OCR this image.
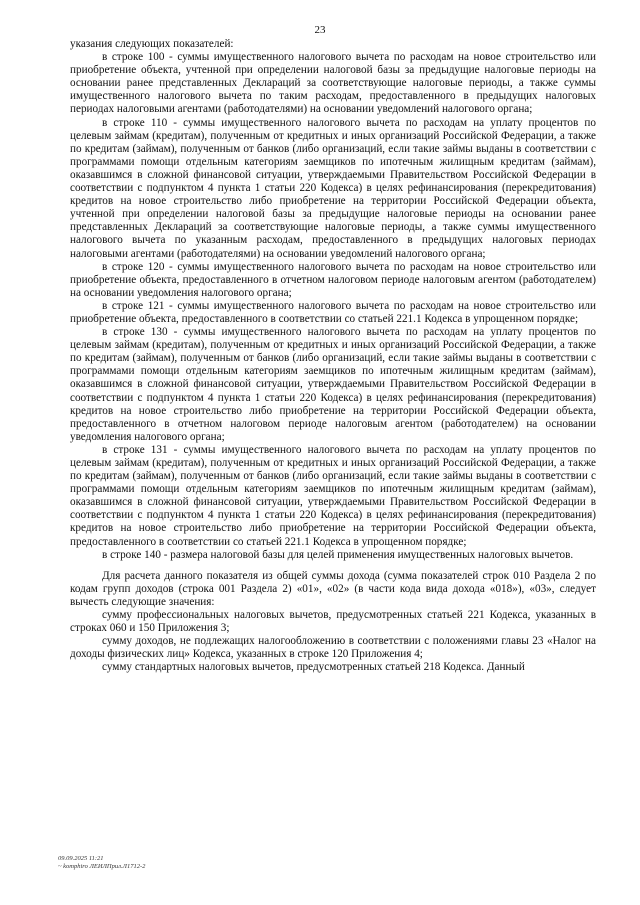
23

указания следующих показателей:

в строке 100 - суммы имущественного налогового вычета по расходам на новое строительство или приобретение объекта, учтенной при определении налоговой базы за предыдущие налоговые периоды на основании ранее представленных Деклараций за соответствующие налоговые периоды, а также суммы имущественного налогового вычета по таким расходам, предоставленного в предыдущих налоговых периодах налоговыми агентами (работодателями) на основании уведомлений налогового органа;

в строке 110 - суммы имущественного налогового вычета по расходам на уплату процентов по целевым займам (кредитам), полученным от кредитных и иных организаций Российской Федерации, а также по кредитам (займам), полученным от банков (либо организаций, если такие займы выданы в соответствии с программами помощи отдельным категориям заемщиков по ипотечным жилищным кредитам (займам), оказавшимся в сложной финансовой ситуации, утверждаемыми Правительством Российской Федерации в соответствии с подпунктом 4 пункта 1 статьи 220 Кодекса) в целях рефинансирования (перекредитования) кредитов на новое строительство либо приобретение на территории Российской Федерации объекта, учтенной при определении налоговой базы за предыдущие налоговые периоды на основании ранее представленных Деклараций за соответствующие налоговые периоды, а также суммы имущественного налогового вычета по указанным расходам, предоставленного в предыдущих налоговых периодах налоговыми агентами (работодателями) на основании уведомлений налогового органа;

в строке 120 - суммы имущественного налогового вычета по расходам на новое строительство или приобретение объекта, предоставленного в отчетном налоговом периоде налоговым агентом (работодателем) на основании уведомления налогового органа;

в строке 121 - суммы имущественного налогового вычета по расходам на новое строительство или приобретение объекта, предоставленного в соответствии со статьей 221.1 Кодекса в упрощенном порядке;

в строке 130 - суммы имущественного налогового вычета по расходам на уплату процентов по целевым займам (кредитам), полученным от кредитных и иных организаций Российской Федерации, а также по кредитам (займам), полученным от банков (либо организаций, если такие займы выданы в соответствии с программами помощи отдельным категориям заемщиков по ипотечным жилищным кредитам (займам), оказавшимся в сложной финансовой ситуации, утверждаемыми Правительством Российской Федерации в соответствии с подпунктом 4 пункта 1 статьи 220 Кодекса) в целях рефинансирования (перекредитования) кредитов на новое строительство либо приобретение на территории Российской Федерации объекта, предоставленного в отчетном налоговом периоде налоговым агентом (работодателем) на основании уведомления налогового органа;

в строке 131 - суммы имущественного налогового вычета по расходам на уплату процентов по целевым займам (кредитам), полученным от кредитных и иных организаций Российской Федерации, а также по кредитам (займам), полученным от банков (либо организаций, если такие займы выданы в соответствии с программами помощи отдельным категориям заемщиков по ипотечным жилищным кредитам (займам), оказавшимся в сложной финансовой ситуации, утверждаемыми Правительством Российской Федерации в соответствии с подпунктом 4 пункта 1 статьи 220 Кодекса) в целях рефинансирования (перекредитования) кредитов на новое строительство либо приобретение на территории Российской Федерации объекта, предоставленного в соответствии со статьей 221.1 Кодекса в упрощенном порядке;

в строке 140 - размера налоговой базы для целей применения имущественных налоговых вычетов.

Для расчета данного показателя из общей суммы дохода (сумма показателей строк 010 Раздела 2 по кодам групп доходов (строка 001 Раздела 2) «01», «02» (в части кода вида дохода «018»), «03», следует вычесть следующие значения:

сумму профессиональных налоговых вычетов, предусмотренных статьей 221 Кодекса, указанных в строках 060 и 150 Приложения 3;

сумму доходов, не подлежащих налогообложению в соответствии с положениями главы 23 «Налог на доходы физических лиц» Кодекса, указанных в строке 120 Приложения 4;

сумму стандартных налоговых вычетов, предусмотренных статьей 218 Кодекса. Данный

09.09.2025 11:21
~ komphiro ЛЕИЛПрил.Л1712-2
